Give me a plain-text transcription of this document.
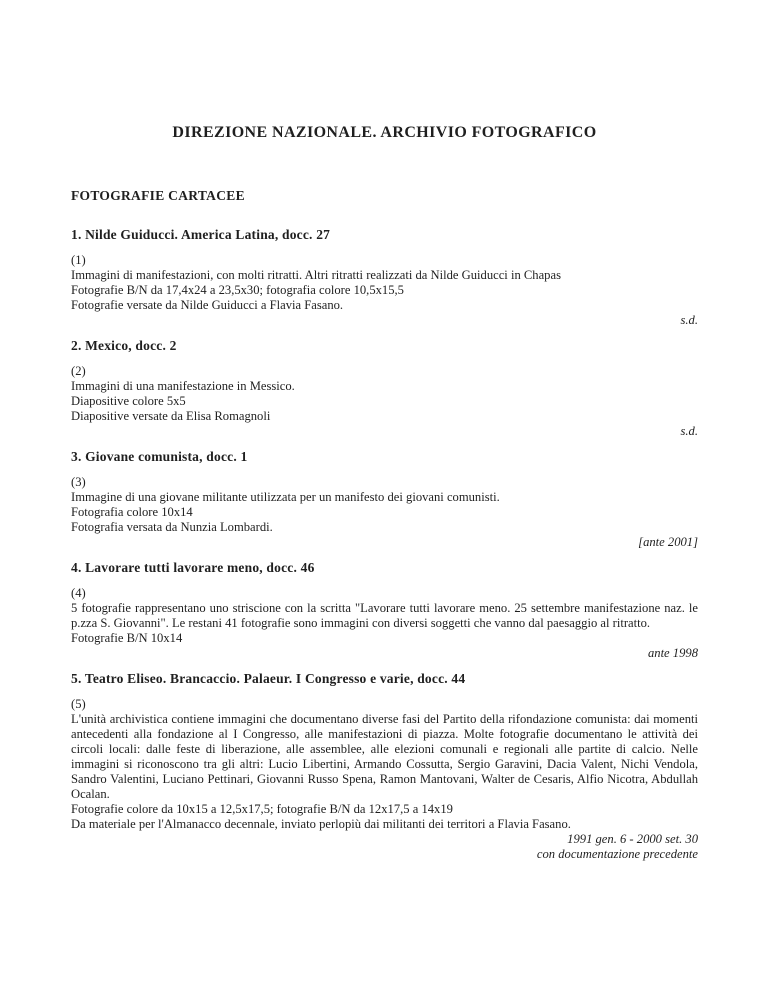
DIREZIONE NAZIONALE. ARCHIVIO FOTOGRAFICO
FOTOGRAFIE CARTACEE
1. Nilde Guiducci. America Latina, docc. 27
(1)

Immagini di manifestazioni, con molti ritratti. Altri ritratti realizzati da Nilde Guiducci in Chapas

Fotografie B/N da 17,4x24 a 23,5x30; fotografia colore 10,5x15,5

Fotografie versate da Nilde Guiducci a Flavia Fasano.

s.d.
2. Mexico, docc. 2
(2)

Immagini di una manifestazione in Messico.

Diapositive colore 5x5

Diapositive versate da Elisa Romagnoli

s.d.
3. Giovane comunista, docc. 1
(3)

Immagine di una giovane militante utilizzata per un manifesto dei giovani comunisti.

Fotografia colore 10x14

Fotografia versata da Nunzia Lombardi.

[ante 2001]
4. Lavorare tutti lavorare meno, docc. 46
(4)

5 fotografie rappresentano uno striscione con la scritta "Lavorare tutti lavorare meno. 25 settembre manifestazione naz. le p.zza S. Giovanni". Le restani 41 fotografie sono immagini con diversi soggetti che vanno dal paesaggio al ritratto.

Fotografie B/N 10x14

ante 1998
5. Teatro Eliseo. Brancaccio. Palaeur. I Congresso e varie, docc. 44
(5)

L'unità archivistica contiene immagini che documentano diverse fasi del Partito della rifondazione comunista: dai momenti antecedenti alla fondazione al I Congresso, alle manifestazioni di piazza. Molte fotografie documentano le attività dei circoli locali: dalle feste di liberazione, alle assemblee, alle elezioni comunali e regionali alle partite di calcio. Nelle immagini si riconoscono tra gli altri: Lucio Libertini, Armando Cossutta, Sergio Garavini, Dacia Valent, Nichi Vendola, Sandro Valentini, Luciano Pettinari, Giovanni Russo Spena, Ramon Mantovani, Walter de Cesaris, Alfio Nicotra, Abdullah Ocalan.

Fotografie colore da 10x15 a 12,5x17,5; fotografie B/N da 12x17,5 a 14x19

Da materiale per l'Almanacco decennale, inviato perlopiù dai militanti dei territori a Flavia Fasano.

1991 gen. 6 - 2000 set. 30
con documentazione precedente
